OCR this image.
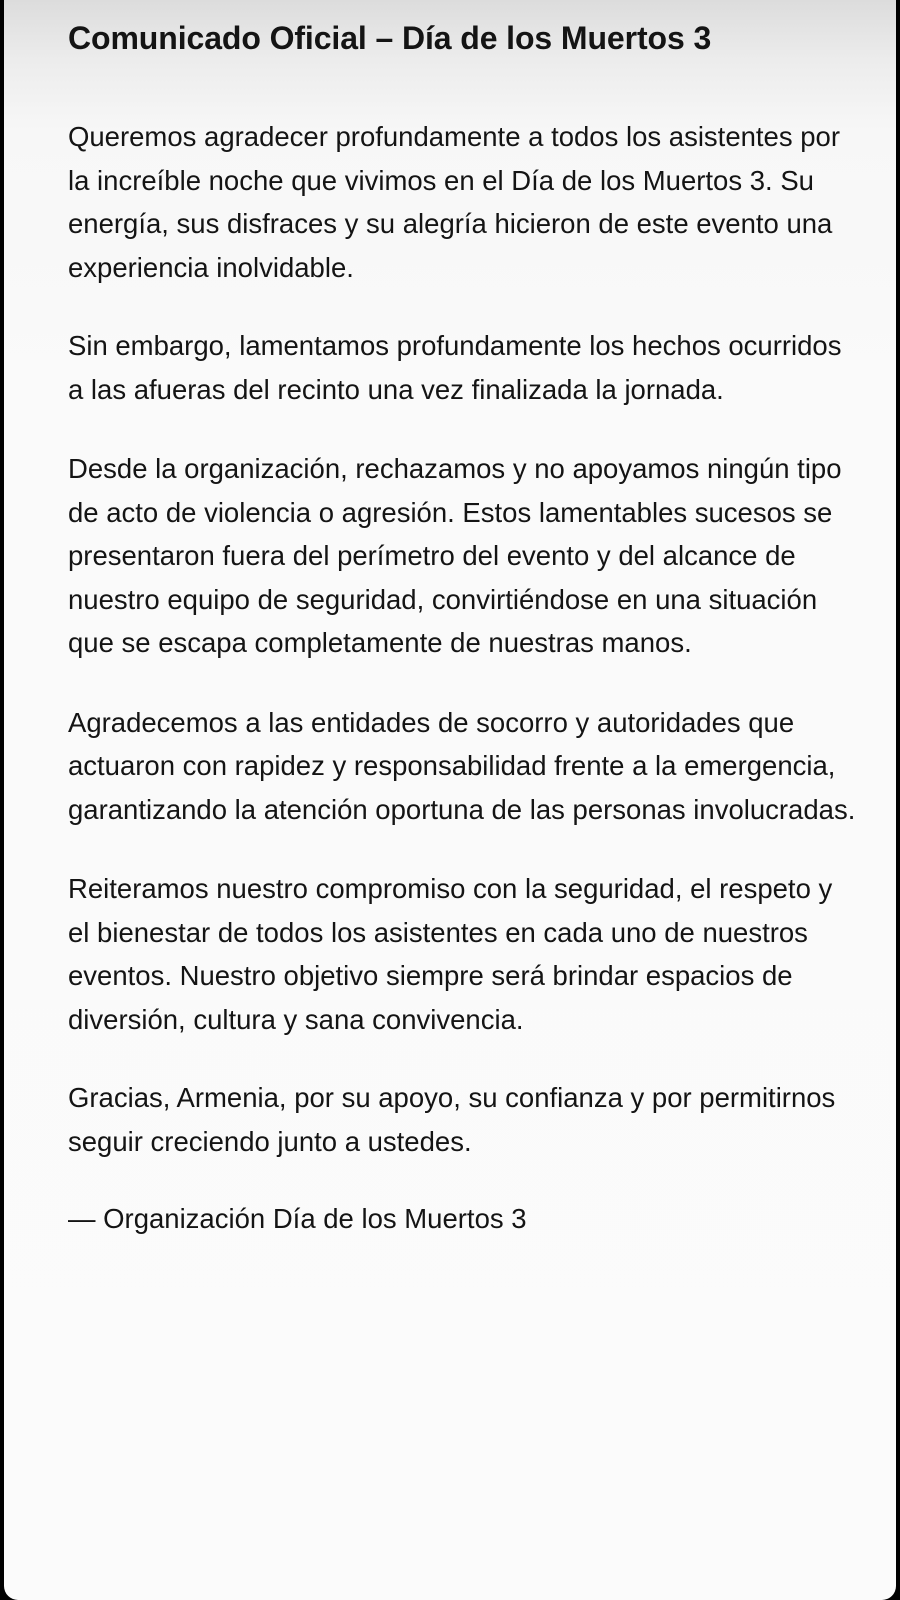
Comunicado Oficial – Día de los Muertos 3

Queremos agradecer profundamente a todos los asistentes por la increíble noche que vivimos en el Día de los Muertos 3. Su energía, sus disfraces y su alegría hicieron de este evento una experiencia inolvidable.

Sin embargo, lamentamos profundamente los hechos ocurridos a las afueras del recinto una vez finalizada la jornada.

Desde la organización, rechazamos y no apoyamos ningún tipo de acto de violencia o agresión. Estos lamentables sucesos se presentaron fuera del perímetro del evento y del alcance de nuestro equipo de seguridad, convirtiéndose en una situación que se escapa completamente de nuestras manos.

Agradecemos a las entidades de socorro y autoridades que actuaron con rapidez y responsabilidad frente a la emergencia, garantizando la atención oportuna de las personas involucradas.

Reiteramos nuestro compromiso con la seguridad, el respeto y el bienestar de todos los asistentes en cada uno de nuestros eventos. Nuestro objetivo siempre será brindar espacios de diversión, cultura y sana convivencia.

Gracias, Armenia, por su apoyo, su confianza y por permitirnos seguir creciendo junto a ustedes.

— Organización Día de los Muertos 3
